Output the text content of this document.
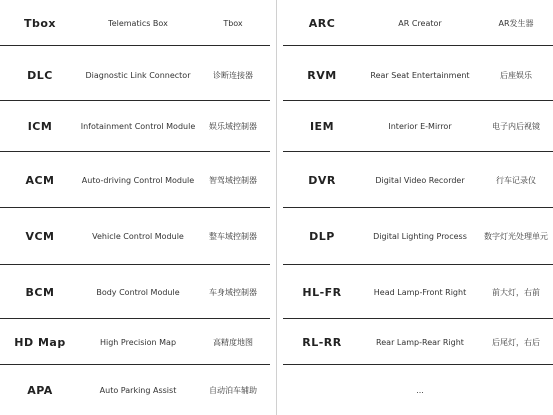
Tbox	Telematics Box	Tbox
DLC	Diagnostic Link Connector	诊断连接器
ICM	Infotainment Control Module	娱乐域控制器
ACM	Auto-driving Control Module	智驾域控制器
VCM	Vehicle Control Module	整车域控制器
BCM	Body Control Module	车身域控制器
HD Map	High Precision Map	高精度地图
APA	Auto Parking Assist	自动泊车辅助
ARC	AR Creator	AR发生器
RVM	Rear Seat Entertainment	后座娱乐
IEM	Interior E-Mirror	电子内后视镜
DVR	Digital Video Recorder	行车记录仪
DLP	Digital Lighting Process	数字灯光处理单元
HL-FR	Head Lamp-Front Right	前大灯，右前
RL-RR	Rear Lamp-Rear Right	后尾灯，右后
...
